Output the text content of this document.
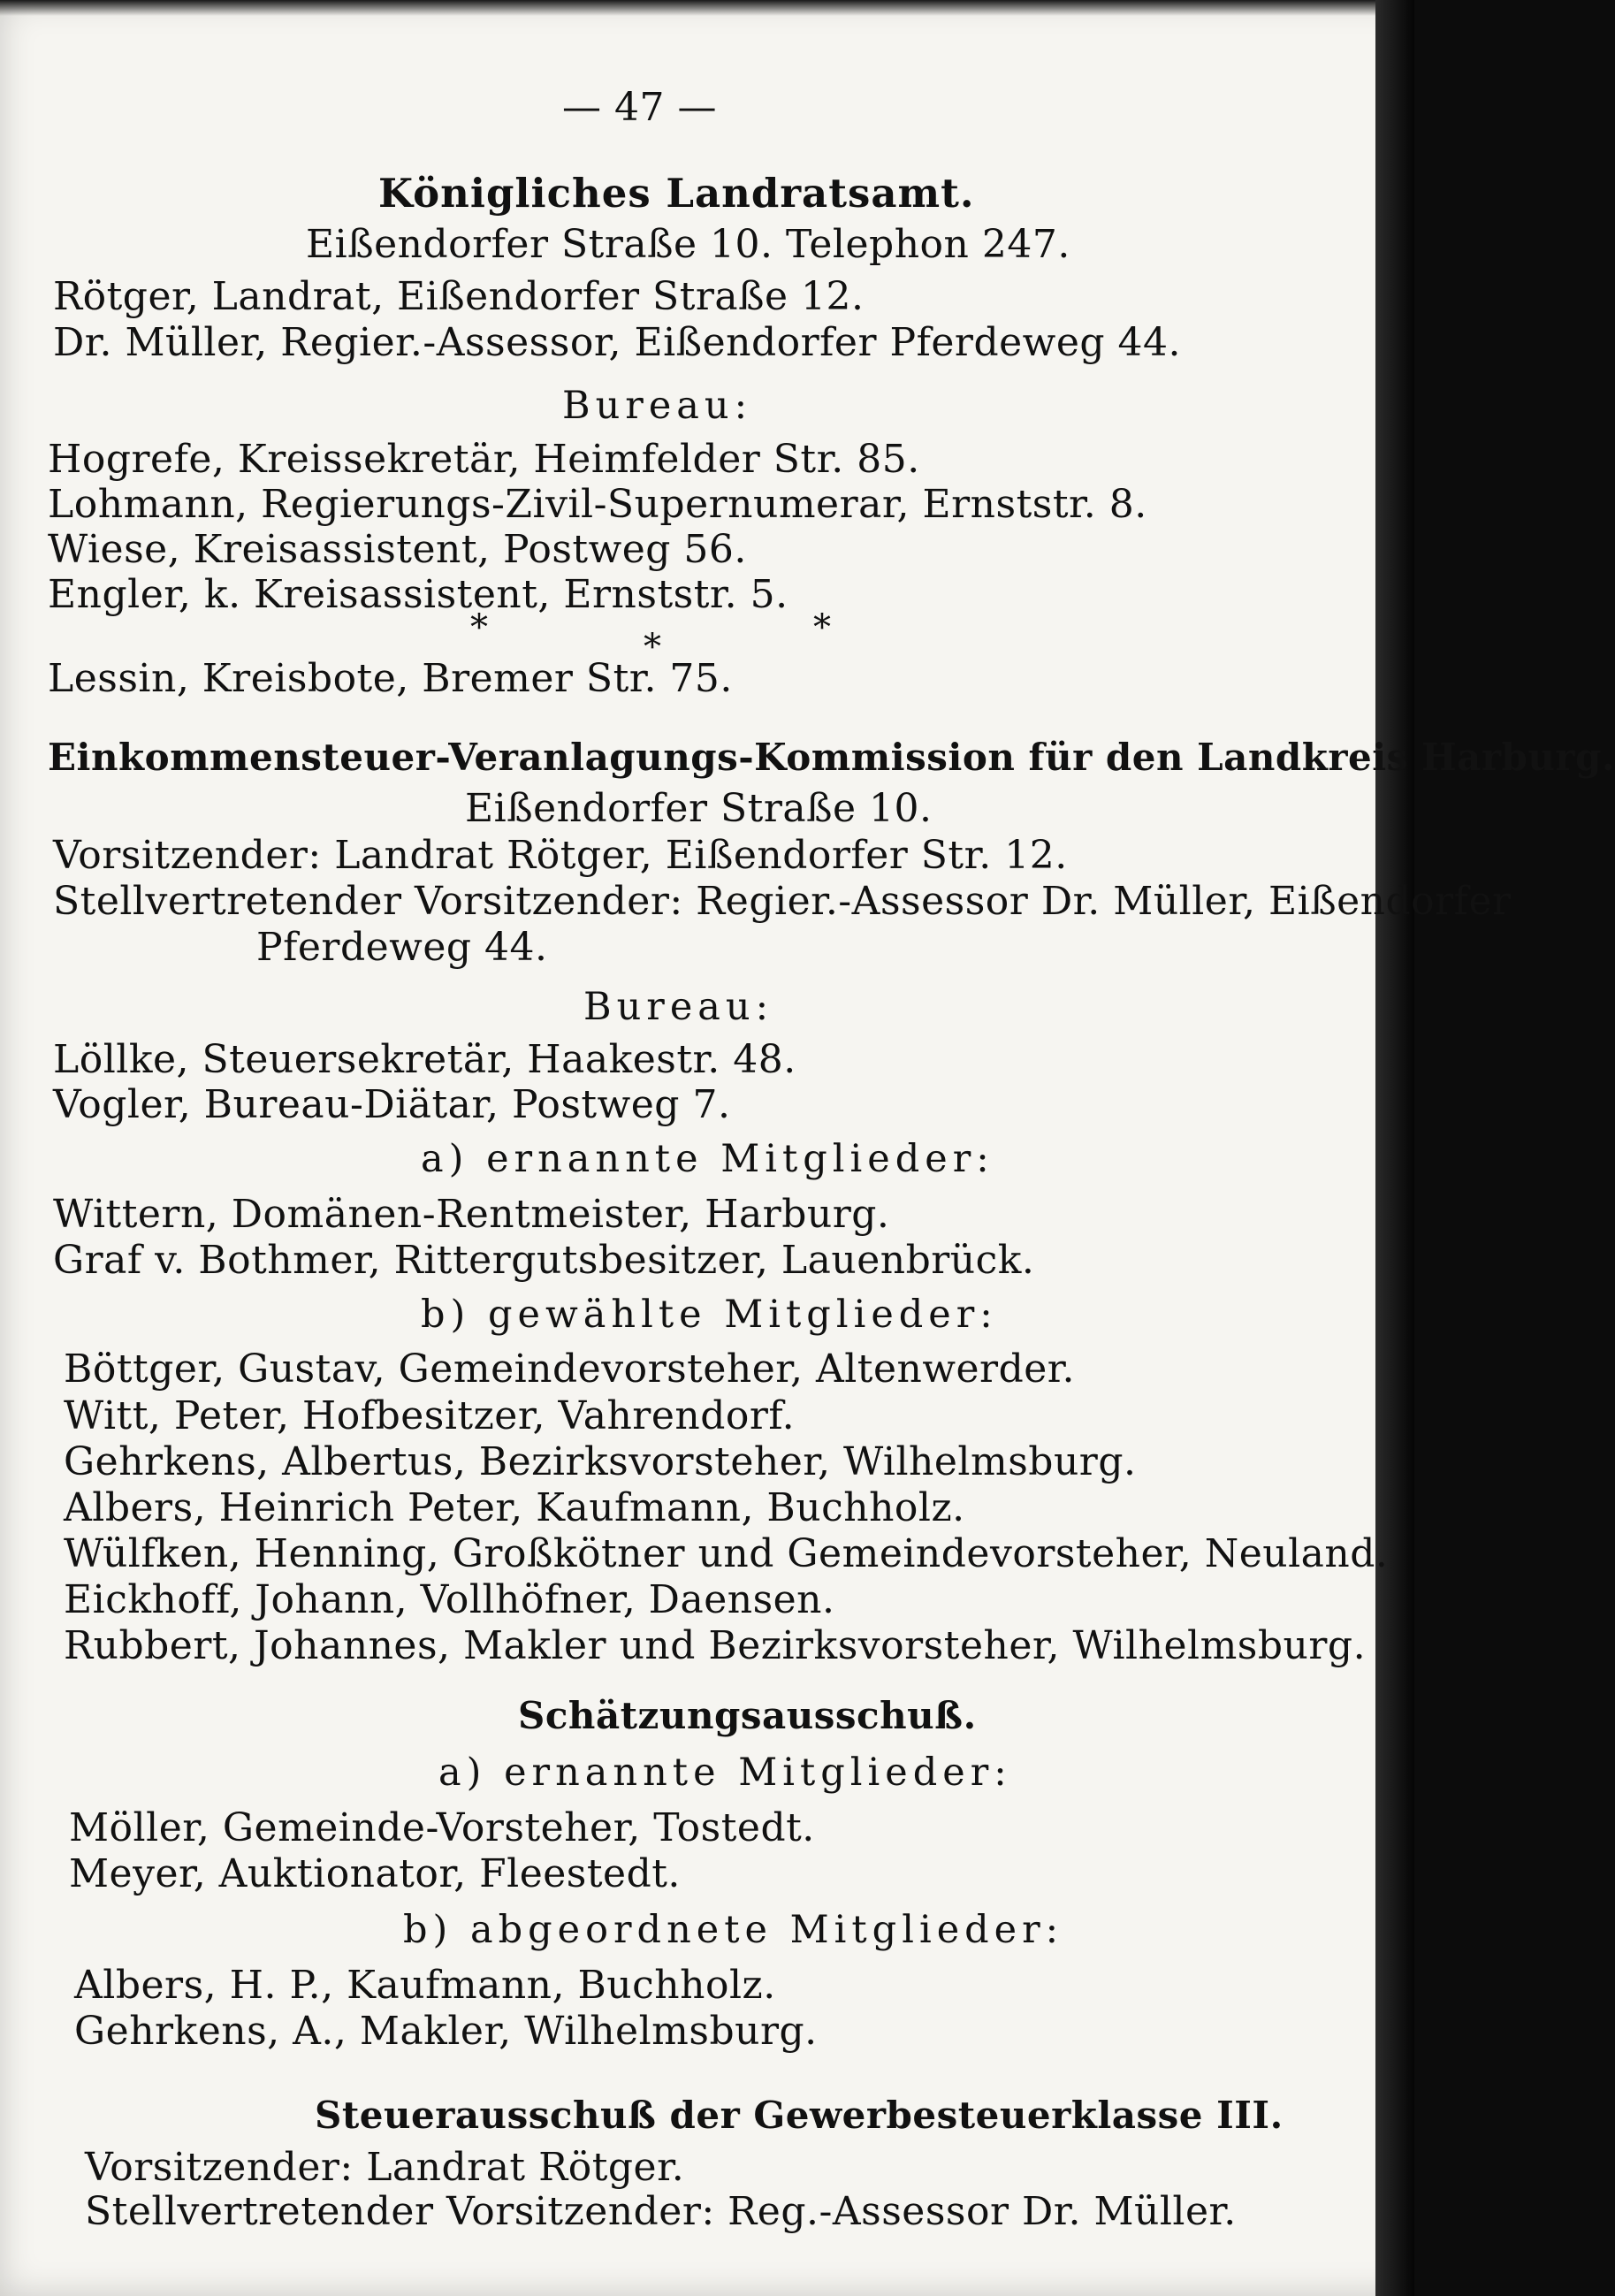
— 47 —
Königliches Landratsamt.
Eißendorfer Straße 10. Telephon 247.
Rötger, Landrat, Eißendorfer Straße 12.
Dr. Müller, Regier.-Assessor, Eißendorfer Pferdeweg 44.
Bureau:
Hogrefe, Kreissekretär, Heimfelder Str. 85.
Lohmann, Regierungs-Zivil-Supernumerar, Ernststr. 8.
Wiese, Kreisassistent, Postweg 56.
Engler, k. Kreisassistent, Ernststr. 5.
*	*
*
Lessin, Kreisbote, Bremer Str. 75.
Einkommensteuer-Veranlagungs-Kommission für den Landkreis Harburg.
Eißendorfer Straße 10.
Vorsitzender: Landrat Rötger, Eißendorfer Str. 12.
Stellvertretender Vorsitzender: Regier.-Assessor Dr. Müller, Eißendorfer
Pferdeweg 44.
Bureau:
Löllke, Steuersekretär, Haakestr. 48.
Vogler, Bureau-Diätar, Postweg 7.
a) ernannte Mitglieder:
Wittern, Domänen-Rentmeister, Harburg.
Graf v. Bothmer, Rittergutsbesitzer, Lauenbrück.
b) gewählte Mitglieder:
Böttger, Gustav, Gemeindevorsteher, Altenwerder.
Witt, Peter, Hofbesitzer, Vahrendorf.
Gehrkens, Albertus, Bezirksvorsteher, Wilhelmsburg.
Albers, Heinrich Peter, Kaufmann, Buchholz.
Wülfken, Henning, Großkötner und Gemeindevorsteher, Neuland.
Eickhoff, Johann, Vollhöfner, Daensen.
Rubbert, Johannes, Makler und Bezirksvorsteher, Wilhelmsburg.
Schätzungsausschuß.
a) ernannte Mitglieder:
Möller, Gemeinde-Vorsteher, Tostedt.
Meyer, Auktionator, Fleestedt.
b) abgeordnete Mitglieder:
Albers, H. P., Kaufmann, Buchholz.
Gehrkens, A., Makler, Wilhelmsburg.
Steuerausschuß der Gewerbesteuerklasse III.
Vorsitzender: Landrat Rötger.
Stellvertretender Vorsitzender: Reg.-Assessor Dr. Müller.
